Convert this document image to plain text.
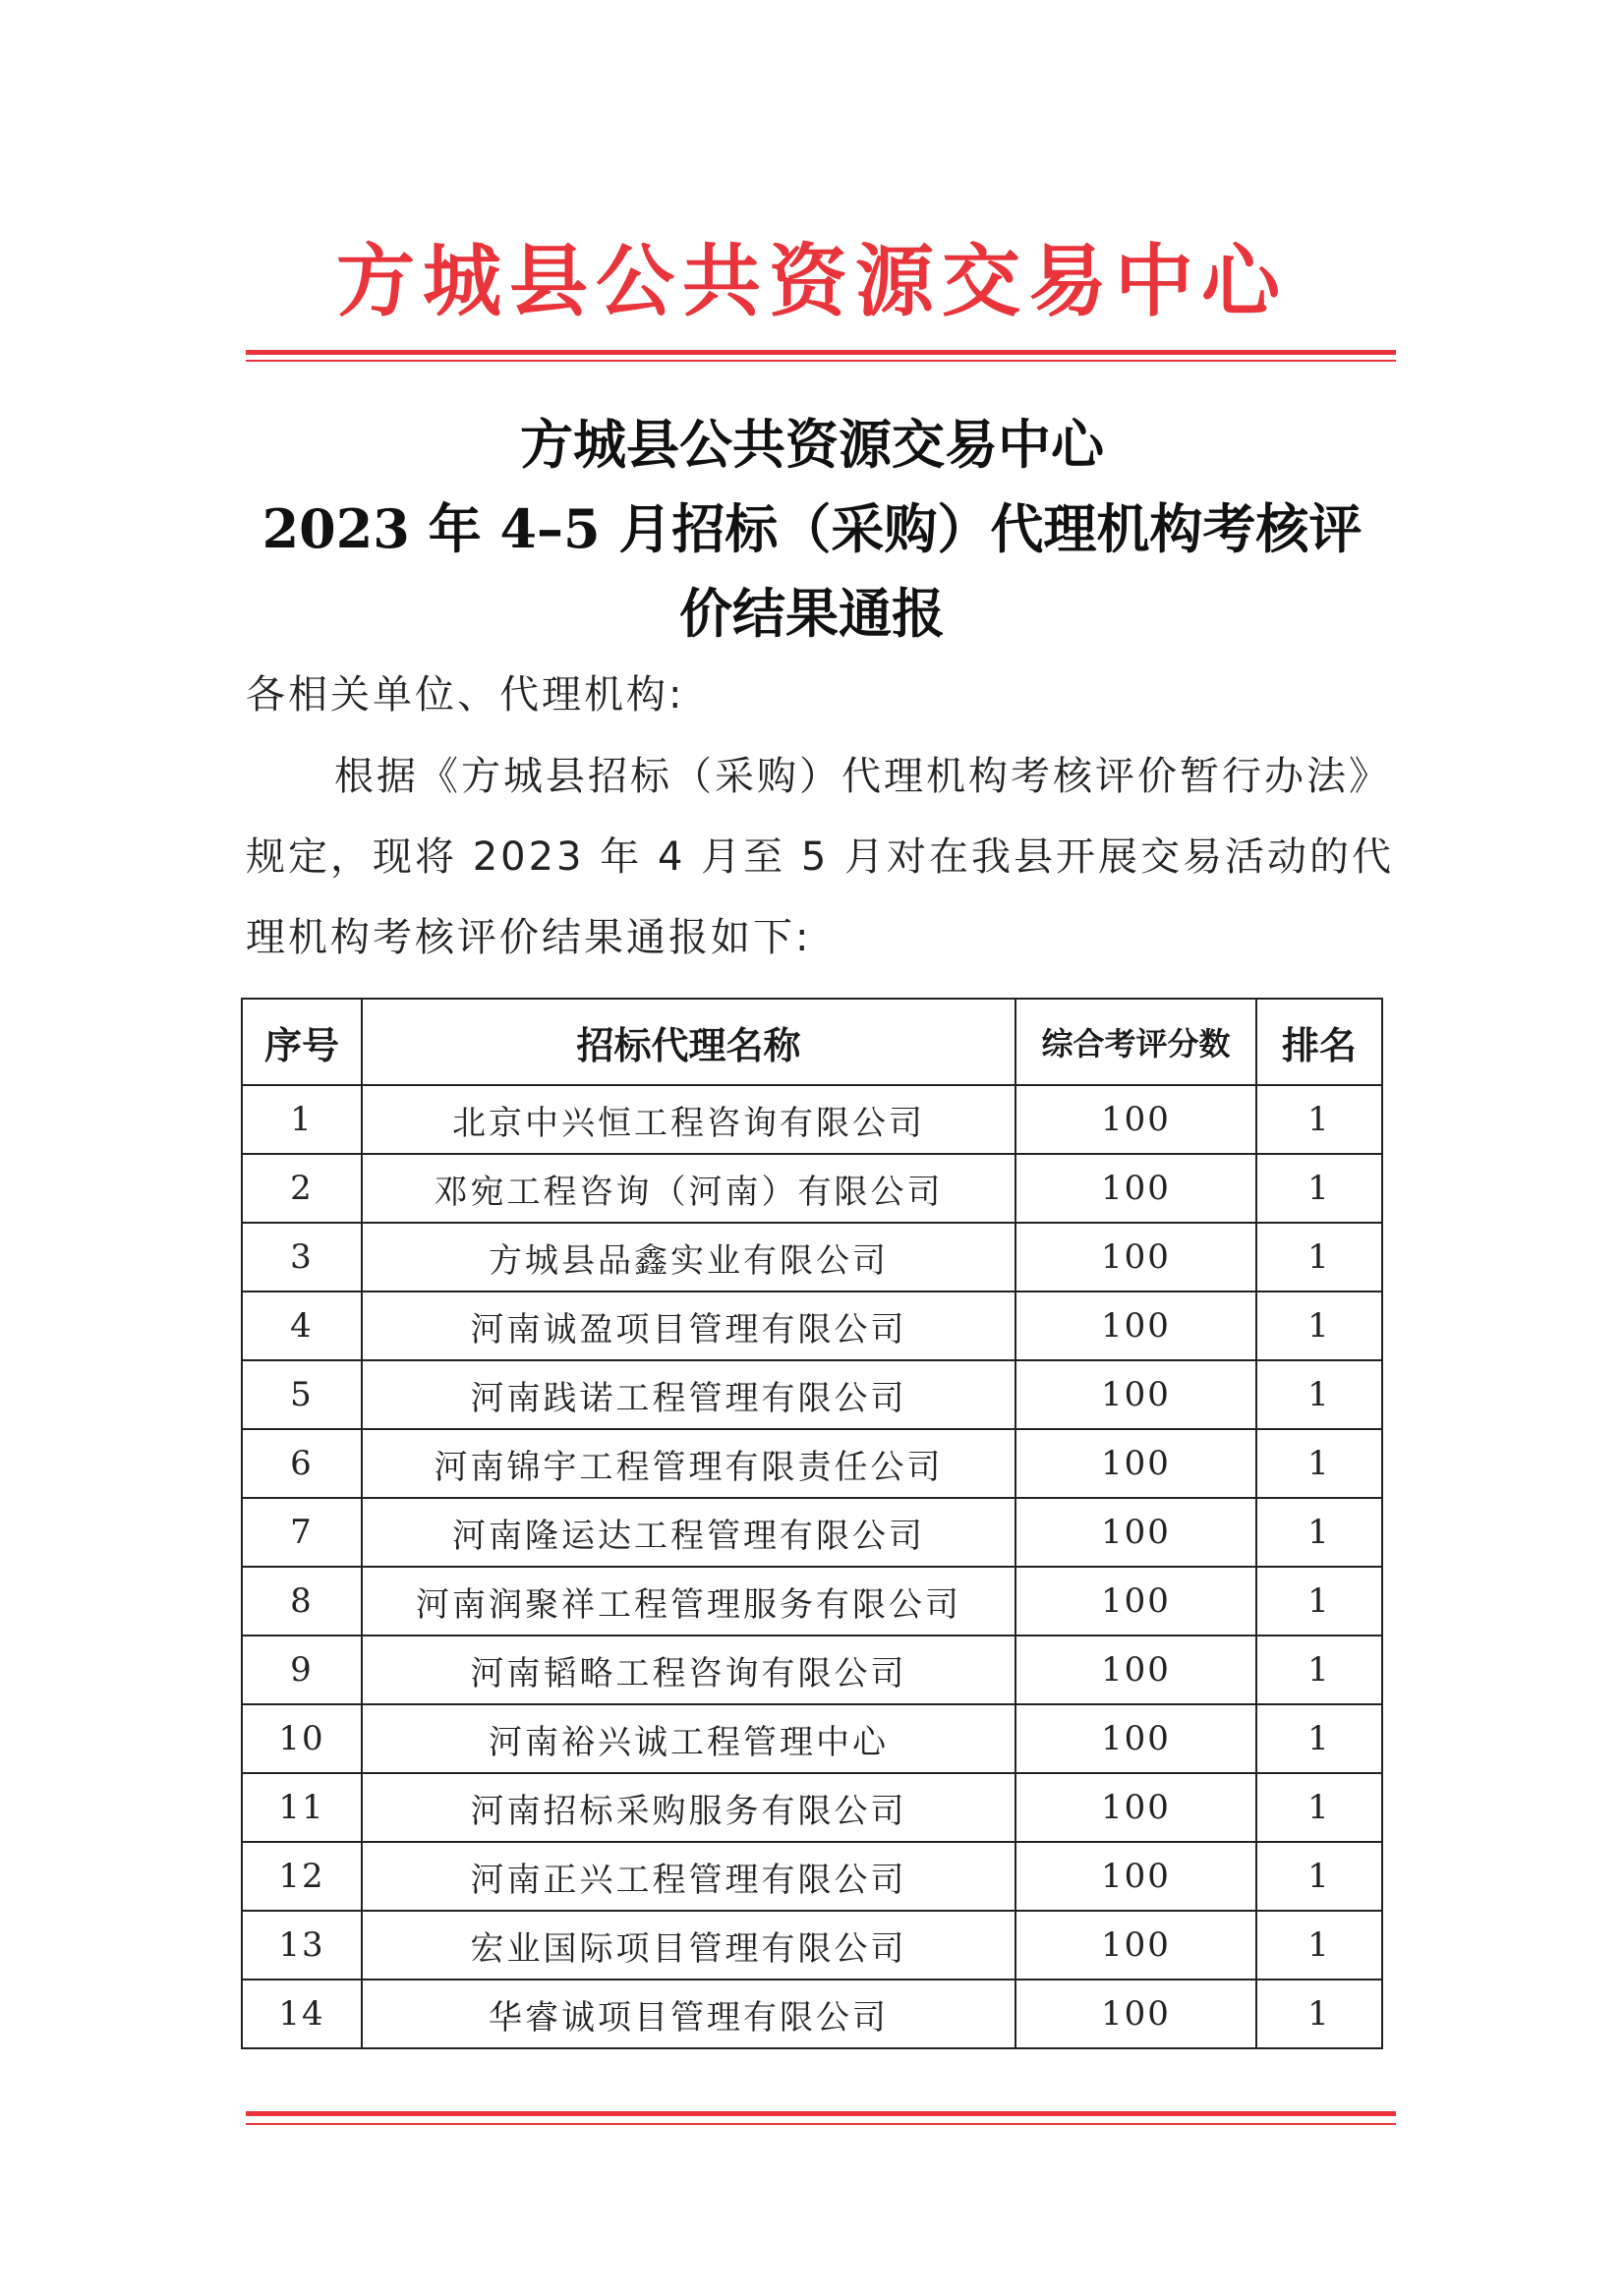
方城县公共资源交易中心
方城县公共资源交易中心
2023 年 4–5 月招标（采购）代理机构考核评
价结果通报
各相关单位、代理机构:
根据《方城县招标（采购）代理机构考核评价暂行办法》
规定，现将 2023 年 4 月至 5 月对在我县开展交易活动的代
理机构考核评价结果通报如下:
序号	招标代理名称	综合考评分数	排名
1	北京中兴恒工程咨询有限公司	100	1
2	邓宛工程咨询（河南）有限公司	100	1
3	方城县品鑫实业有限公司	100	1
4	河南诚盈项目管理有限公司	100	1
5	河南践诺工程管理有限公司	100	1
6	河南锦宇工程管理有限责任公司	100	1
7	河南隆运达工程管理有限公司	100	1
8	河南润聚祥工程管理服务有限公司	100	1
9	河南韬略工程咨询有限公司	100	1
10	河南裕兴诚工程管理中心	100	1
11	河南招标采购服务有限公司	100	1
12	河南正兴工程管理有限公司	100	1
13	宏业国际项目管理有限公司	100	1
14	华睿诚项目管理有限公司	100	1
